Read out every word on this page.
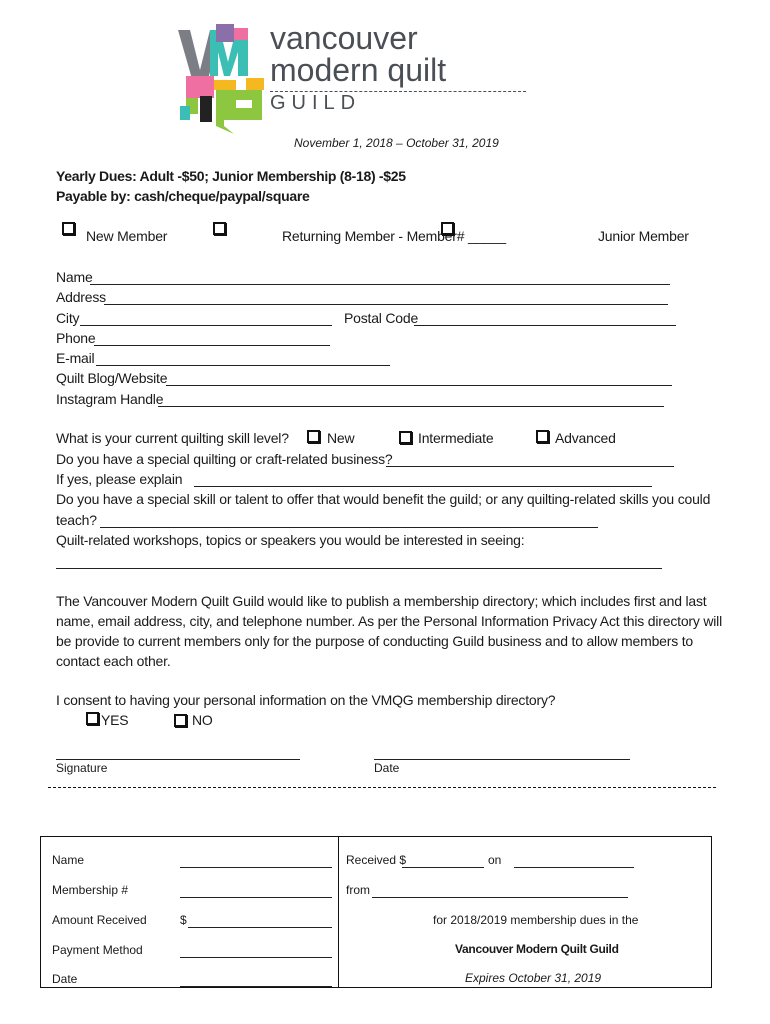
vancouver
modern quilt
GUILD
November 1, 2018 – October 31, 2019
Yearly Dues: Adult -$50; Junior Membership (8-18) -$25
Payable by: cash/cheque/paypal/square
New Member	Returning Member - Member# _____	Junior Member
Name
Address
City	Postal Code
Phone
E-mail
Quilt Blog/Website
Instagram Handle
What is your current quilting skill level?	New	Intermediate	Advanced
Do you have a special quilting or craft-related business?
If yes, please explain
Do you have a special skill or talent to offer that would benefit the guild; or any quilting-related skills you could
teach?
Quilt-related workshops, topics or speakers you would be interested in seeing:
The Vancouver Modern Quilt Guild would like to publish a membership directory; which includes first and last
name, email address, city, and telephone number. As per the Personal Information Privacy Act this directory will
be provide to current members only for the purpose of conducting Guild business and to allow members to
contact each other.
I consent to having your personal information on the VMQG membership directory?
YES	NO
Signature	Date
Name
Membership #
Amount Received	$
Payment Method
Date
Received $	on
from
for 2018/2019 membership dues in the
Vancouver Modern Quilt Guild
Expires October 31, 2019
